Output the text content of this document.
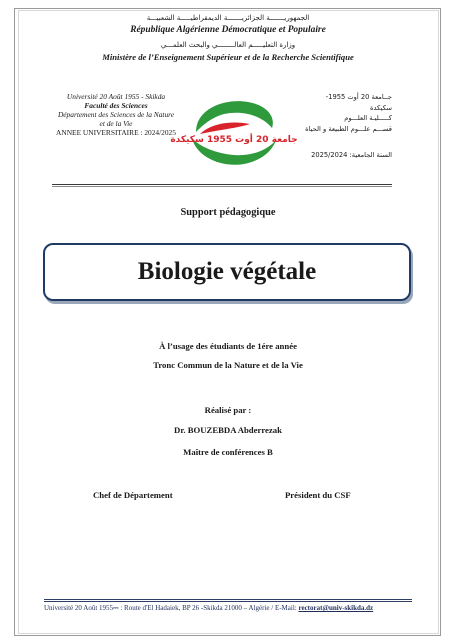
الجمهوريـــــــة الجزائريـــــــة الديمقراطيـــــة الشعبيـــة
République Algérienne Démocratique et Populaire
وزارة التعليـــــم العالــــــــي والبحث العلمـــي
Ministère de l’Enseignement Supérieur et de la Recherche Scientifique
Université 20 Août 1955 - Skikda
Faculté des Sciences
Département des Sciences de la Nature et de la Vie
ANNEE UNIVERSITAIRE : 2024/2025
جامعة 20 أوت 1955 سكيكدة
جــامعة 20 أوت 1955-
سكيكدة
كـــــليـة العلـــوم
قســـم علـــوم الطبيعة و الحياة
السنة الجامعية: 2025/2024
Support pédagogique
Biologie végétale
À l’usage des étudiants de 1ére année
Tronc Commun de la Nature et de la Vie
Réalisé par :
Dr. BOUZEBDA Abderrezak
Maître de conférences B
Chef de Département	Président du CSF
Université 20 Août 1955⎓ : Route d'El Hadaiek, BP 26 -Skikda 21000 – Algérie / E-Mail: rectorat@univ-skikda.dz
